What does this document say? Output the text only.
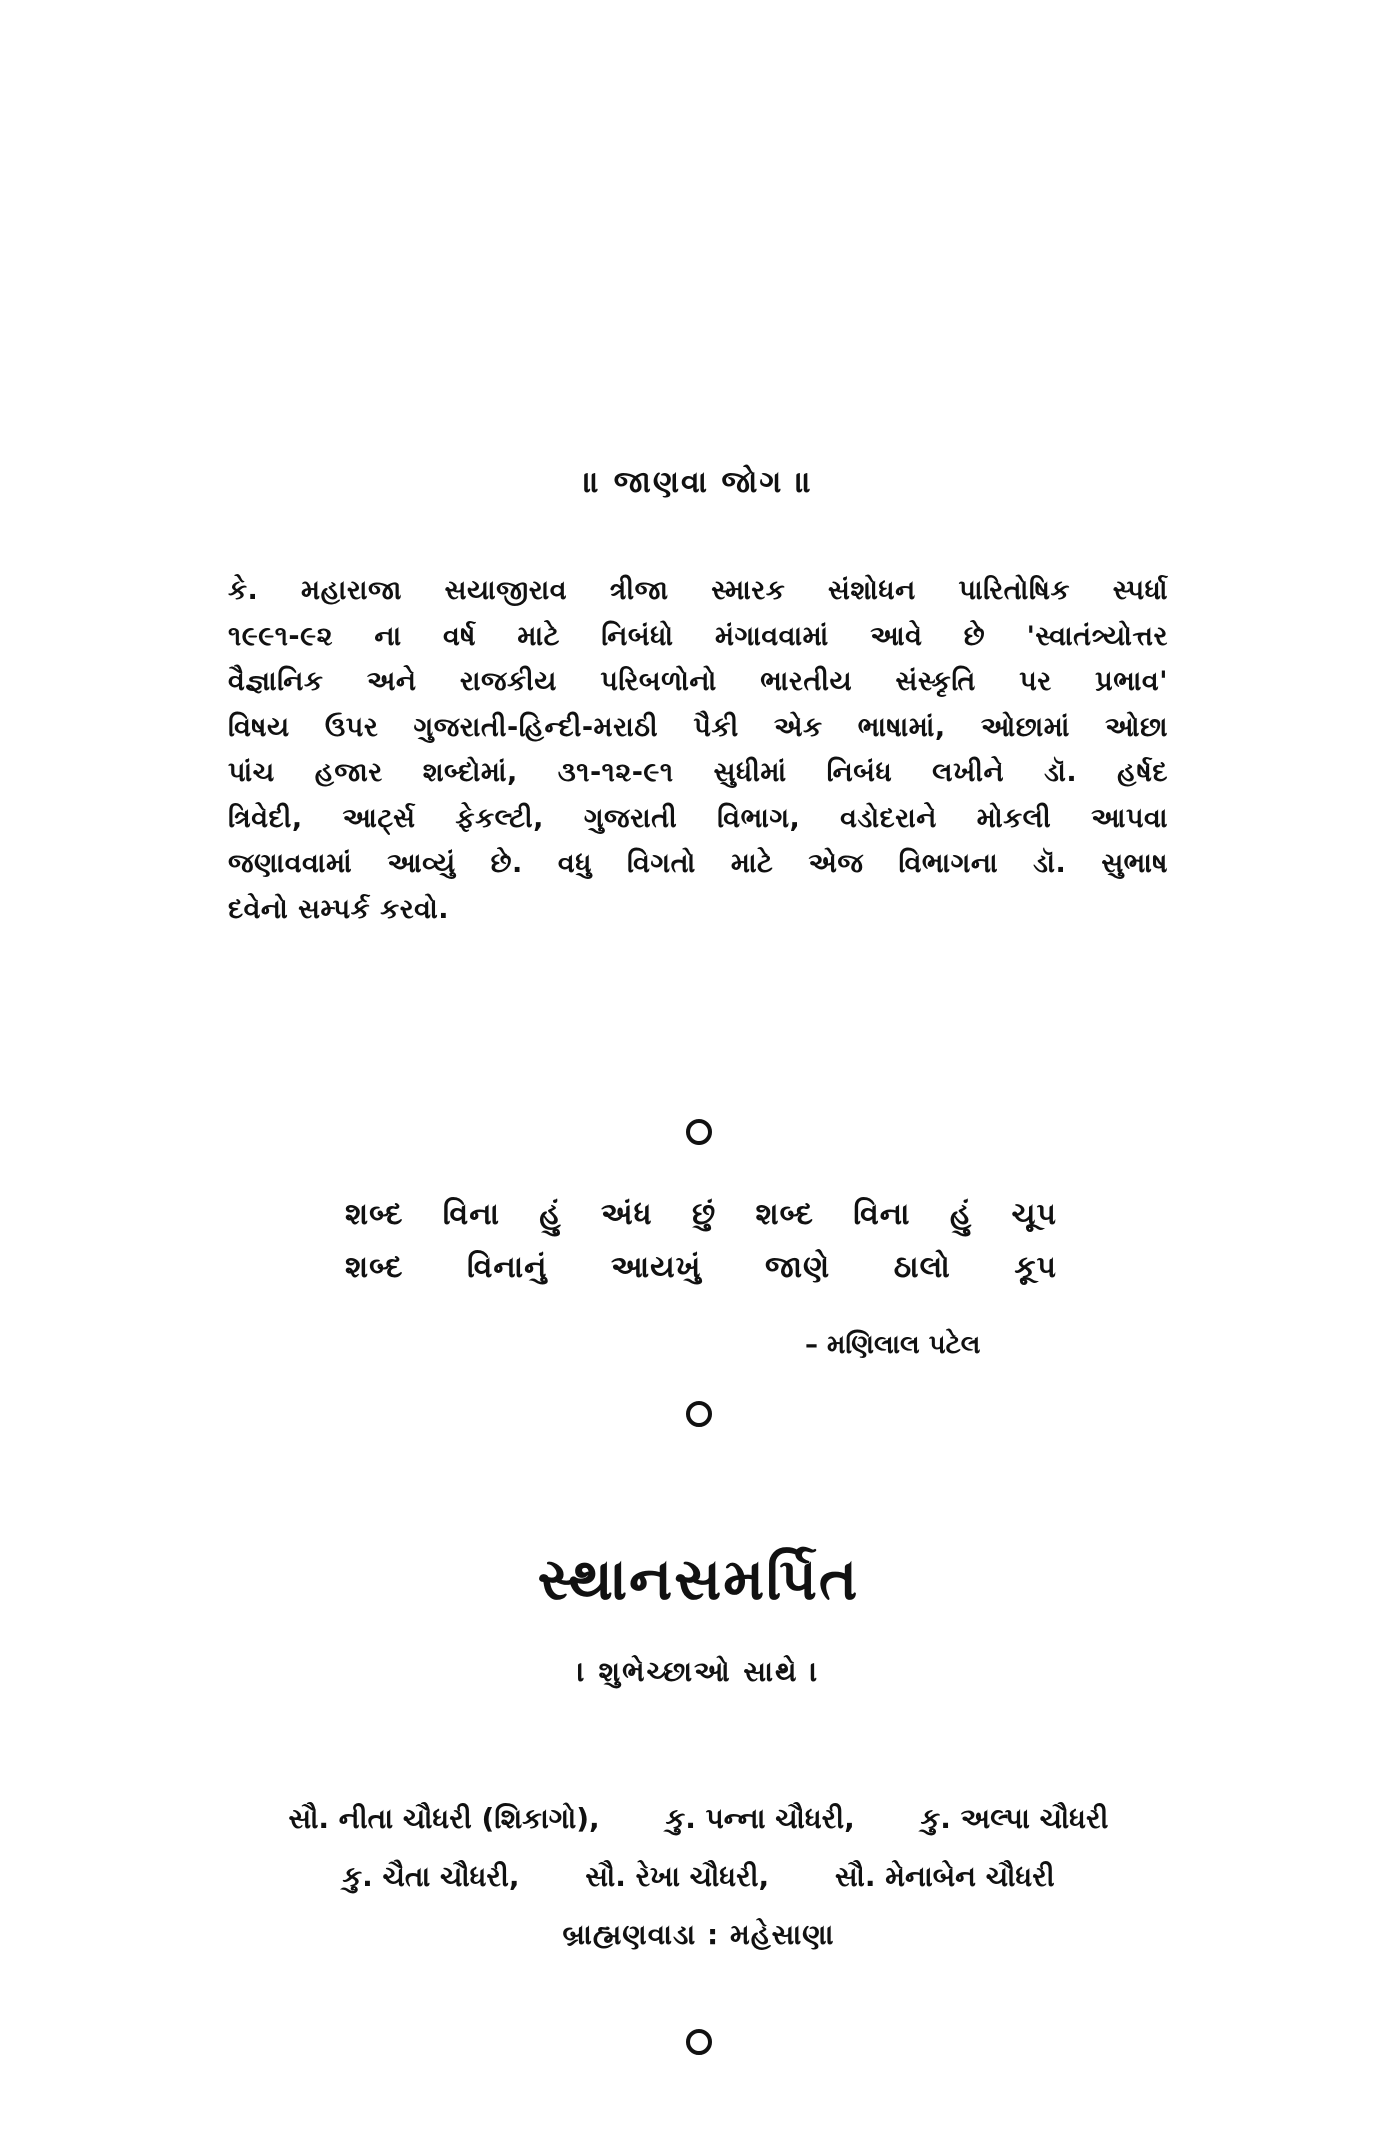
॥ જાણવા જોગ ॥
કે. મહારાજા સયાજીરાવ ત્રીજા સ્મારક સંશોધન પારિતોષિક સ્પર્ધા
૧૯૯૧-૯૨ ના વર્ષ માટે નિબંધો મંગાવવામાં આવે છે 'સ્વાતંત્ર્યોત્તર
વૈજ્ઞાનિક અને રાજકીય પરિબળોનો ભારતીય સંસ્કૃતિ પર પ્રભાવ'
વિષય ઉપર ગુજરાતી-હિન્દી-મરાઠી પૈકી એક ભાષામાં, ઓછામાં ઓછા
પાંચ હજાર શબ્દોમાં, ૩૧-૧૨-૯૧ સુધીમાં નિબંધ લખીને ડૉ. હર્ષદ
ત્રિવેદી, આર્ટ્સ ફેકલ્ટી, ગુજરાતી વિભાગ, વડોદરાને મોકલી આપવા
જણાવવામાં આવ્યું છે. વધુ વિગતો માટે એજ વિભાગના ડૉ. સુભાષ
દવેનો સમ્પર્ક કરવો.
શબ્દ વિના હું અંધ છું શબ્દ વિના હું ચૂપ
શબ્દ વિનાનું આયખું જાણે ઠાલો કૂપ
– મણિલાલ પટેલ
સ્થાનસમર્પિત
। શુભેચ્છાઓ સાથે ।
સૌ. નીતા ચૌધરી (શિકાગો), કુ. પન્ના ચૌધરી, કુ. અલ્પા ચૌધરી
કુ. ચૈતા ચૌધરી, સૌ. રેખા ચૌધરી, સૌ. મેનાબેન ચૌધરી
બ્રાહ્મણવાડા : મહેસાણા
